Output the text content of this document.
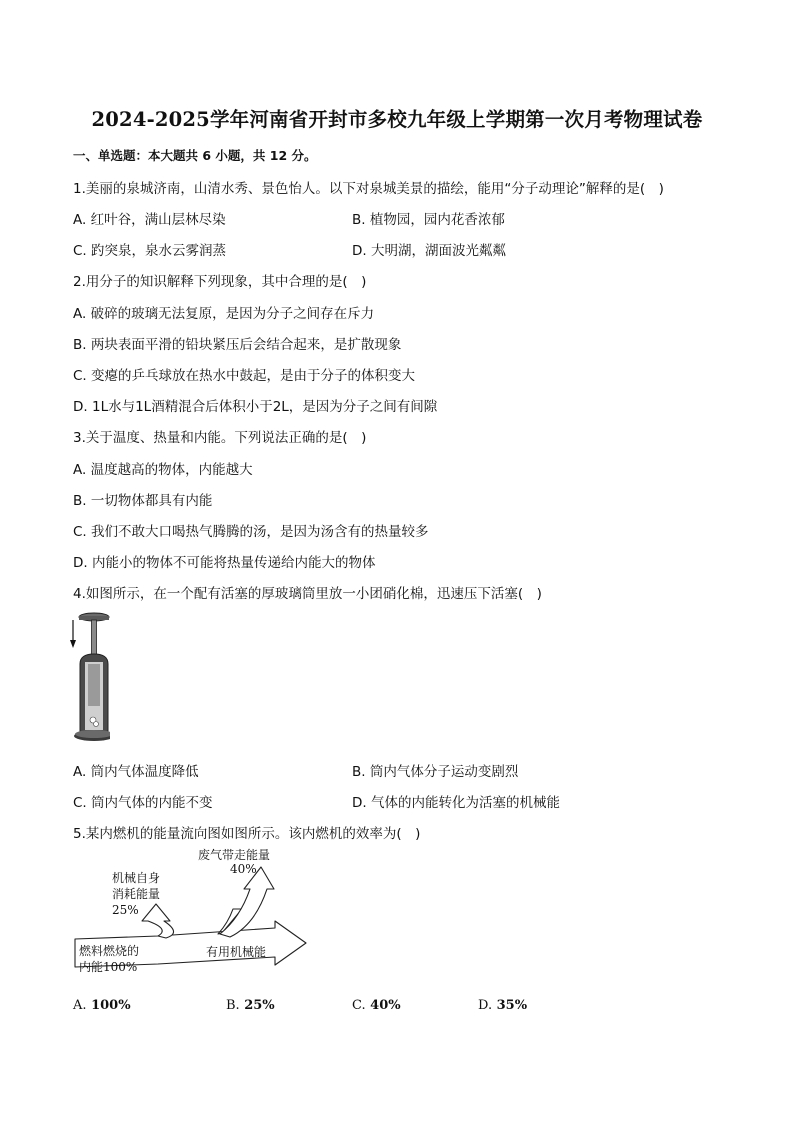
2024-2025学年河南省开封市多校九年级上学期第一次月考物理试卷
一、单选题：本大题共 6 小题，共 12 分。
1.美丽的泉城济南，山清水秀、景色怡人。以下对泉城美景的描绘，能用“分子动理论”解释的是(　)
A. 红叶谷，满山层林尽染	B. 植物园，园内花香浓郁
C. 趵突泉，泉水云雾润蒸	D. 大明湖，湖面波光粼粼
2.用分子的知识解释下列现象，其中合理的是(　)
A. 破碎的玻璃无法复原，是因为分子之间存在斥力
B. 两块表面平滑的铅块紧压后会结合起来，是扩散现象
C. 变瘪的乒乓球放在热水中鼓起，是由于分子的体积变大
D. 1L水与1L酒精混合后体积小于2L，是因为分子之间有间隙
3.关于温度、热量和内能。下列说法正确的是(　)
A. 温度越高的物体，内能越大
B. 一切物体都具有内能
C. 我们不敢大口喝热气腾腾的汤，是因为汤含有的热量较多
D. 内能小的物体不可能将热量传递给内能大的物体
4.如图所示，在一个配有活塞的厚玻璃筒里放一小团硝化棉，迅速压下活塞(　)
A. 筒内气体温度降低	B. 筒内气体分子运动变剧烈
C. 筒内气体的内能不变	D. 气体的内能转化为活塞的机械能
5.某内燃机的能量流向图如图所示。该内燃机的效率为(　)
废气带走能量
40%
机械自身
消耗能量
25%
燃料燃烧的
内能100%
有用机械能
A. 100%	B. 25%	C. 40%	D. 35%
